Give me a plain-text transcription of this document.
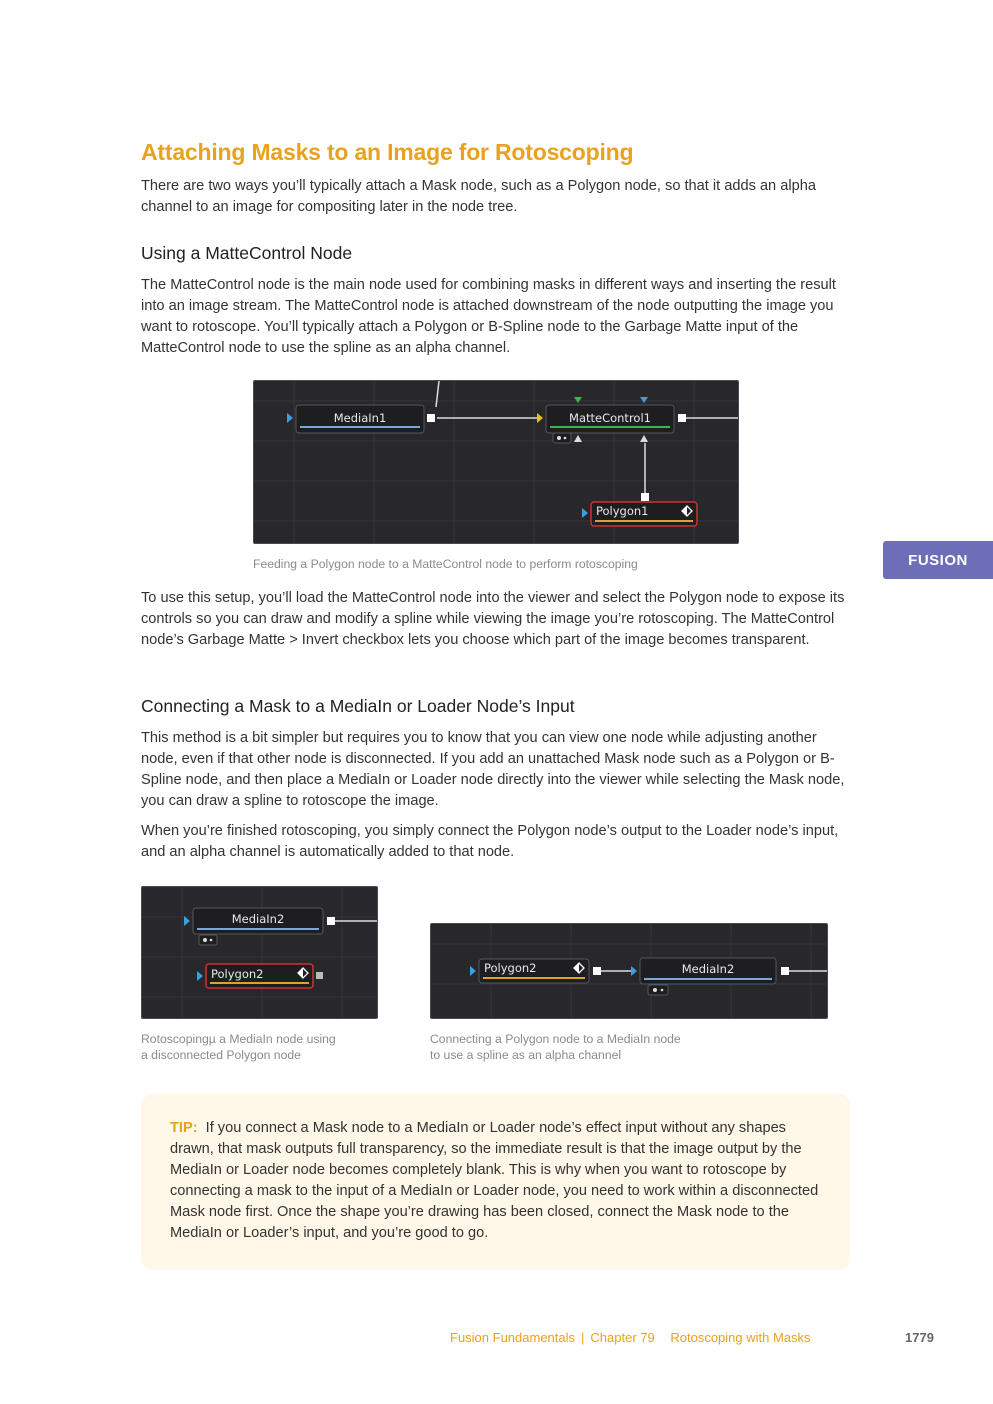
Attaching Masks to an Image for Rotoscoping
There are two ways you’ll typically attach a Mask node, such as a Polygon node, so that it adds an alpha channel to an image for compositing later in the node tree.
Using a MatteControl Node
The MatteControl node is the main node used for combining masks in different ways and inserting the result into an image stream. The MatteControl node is attached downstream of the node outputting the image you want to rotoscope. You’ll typically attach a Polygon or B-Spline node to the Garbage Matte input of the MatteControl node to use the spline as an alpha channel.
MediaIn1	MatteControl1
Polygon1
Feeding a Polygon node to a MatteControl node to perform rotoscoping	FUSION
To use this setup, you’ll load the MatteControl node into the viewer and select the Polygon node to expose its controls so you can draw and modify a spline while viewing the image you’re rotoscoping. The MatteControl node’s Garbage Matte > Invert checkbox lets you choose which part of the image becomes transparent.
Connecting a Mask to a MediaIn or Loader Node’s Input
This method is a bit simpler but requires you to know that you can view one node while adjusting another node, even if that other node is disconnected. If you add an unattached Mask node such as a Polygon or B-Spline node, and then place a MediaIn or Loader node directly into the viewer while selecting the Mask node, you can draw a spline to rotoscope the image.
When you’re finished rotoscoping, you simply connect the Polygon node’s output to the Loader node’s input, and an alpha channel is automatically added to that node.
MediaIn2
Polygon2
Rotoscopingµ a MediaIn node using
a disconnected Polygon node
Polygon2	MediaIn2
Connecting a Polygon node to a MediaIn node
to use a spline as an alpha channel
TIP: If you connect a Mask node to a MediaIn or Loader node’s effect input without any shapes drawn, that mask outputs full transparency, so the immediate result is that the image output by the MediaIn or Loader node becomes completely blank. This is why when you want to rotoscope by connecting a mask to the input of a MediaIn or Loader node, you need to work within a disconnected Mask node first. Once the shape you’re drawing has been closed, connect the Mask node to the MediaIn or Loader’s input, and you’re good to go.
Fusion Fundamentals | Chapter 79 Rotoscoping with Masks	1779
